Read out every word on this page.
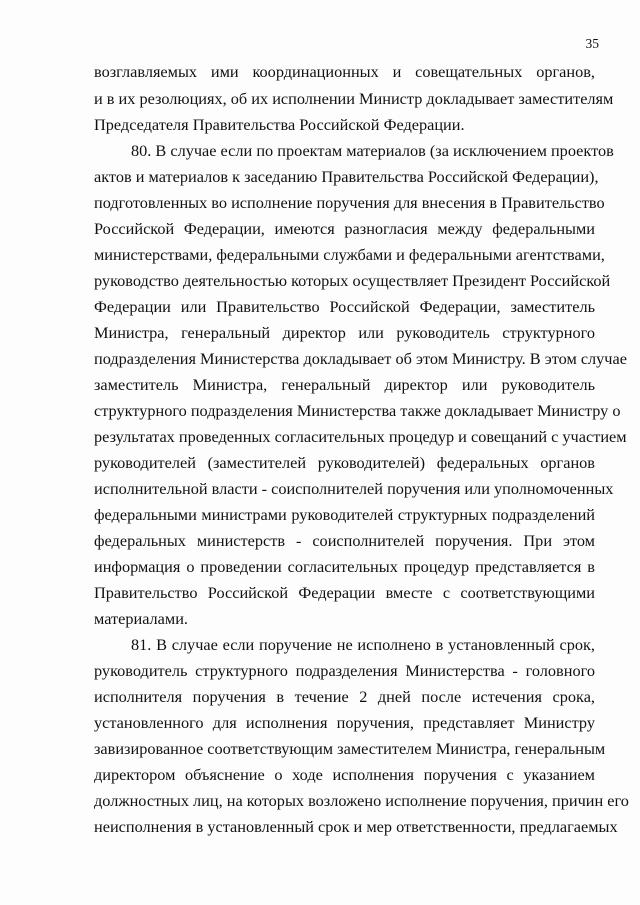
35
возглавляемых ими координационных и совещательных органов,
и в их резолюциях, об их исполнении Министр докладывает заместителям
Председателя Правительства Российской Федерации.
80. В случае если по проектам материалов (за исключением проектов
актов и материалов к заседанию Правительства Российской Федерации),
подготовленных во исполнение поручения для внесения в Правительство
Российской Федерации, имеются разногласия между федеральными
министерствами, федеральными службами и федеральными агентствами,
руководство деятельностью которых осуществляет Президент Российской
Федерации или Правительство Российской Федерации, заместитель
Министра, генеральный директор или руководитель структурного
подразделения Министерства докладывает об этом Министру. В этом случае
заместитель Министра, генеральный директор или руководитель
структурного подразделения Министерства также докладывает Министру о
результатах проведенных согласительных процедур и совещаний с участием
руководителей (заместителей руководителей) федеральных органов
исполнительной власти - соисполнителей поручения или уполномоченных
федеральными министрами руководителей структурных подразделений
федеральных министерств - соисполнителей поручения. При этом
информация о проведении согласительных процедур представляется в
Правительство Российской Федерации вместе с соответствующими
материалами.
81. В случае если поручение не исполнено в установленный срок,
руководитель структурного подразделения Министерства - головного
исполнителя поручения в течение 2 дней после истечения срока,
установленного для исполнения поручения, представляет Министру
завизированное соответствующим заместителем Министра, генеральным
директором объяснение о ходе исполнения поручения с указанием
должностных лиц, на которых возложено исполнение поручения, причин его
неисполнения в установленный срок и мер ответственности, предлагаемых
